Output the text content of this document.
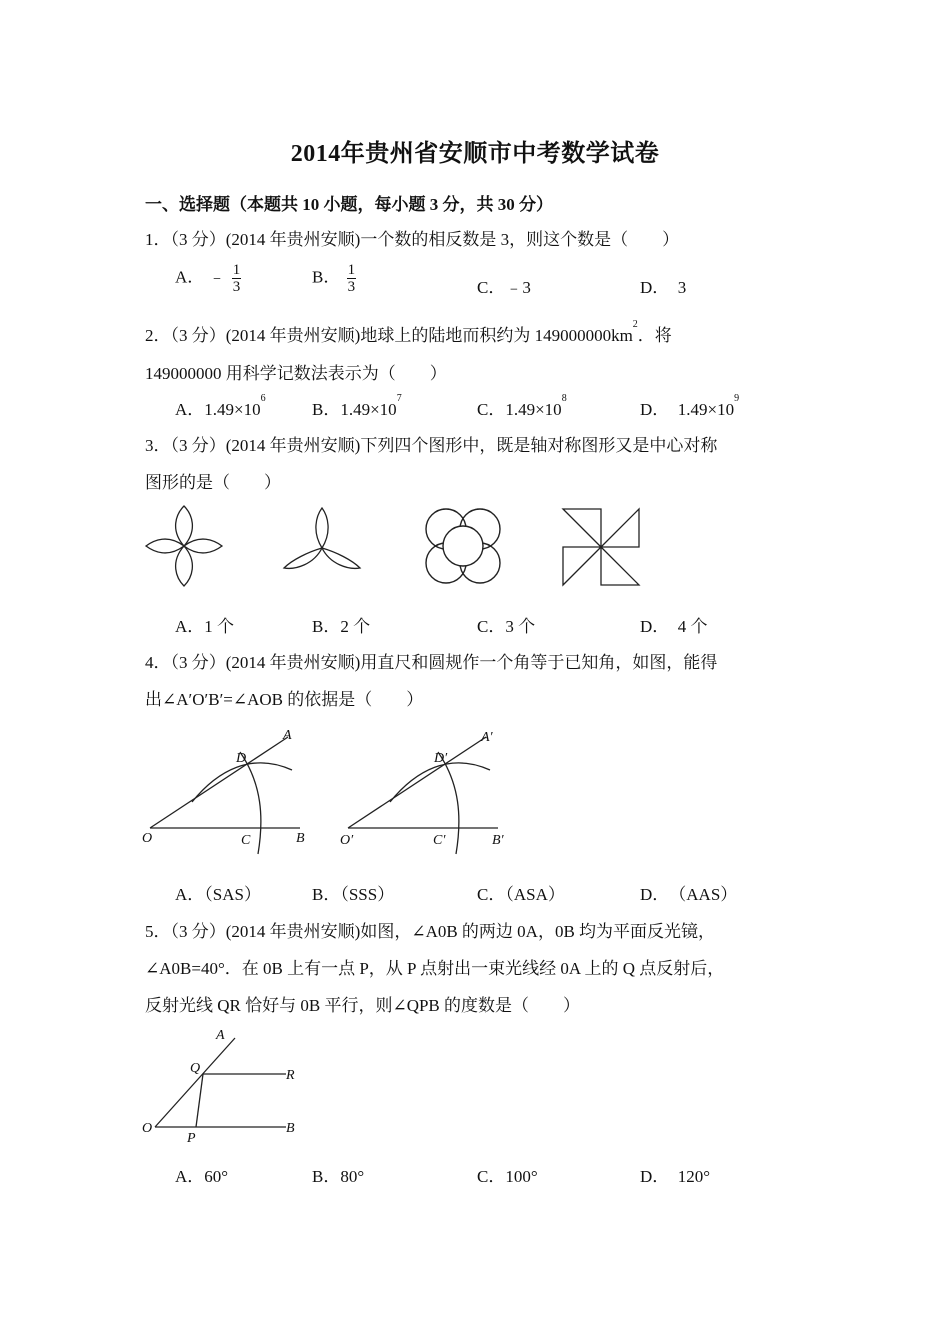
2014年贵州省安顺市中考数学试卷
一、选择题（本题共 10 小题，每小题 3 分，共 30 分）
1．（3 分）(2014 年贵州安顺)一个数的相反数是 3，则这个数是（　　）
A． ﹣ $\frac{1}{3}$	B． $\frac{1}{3}$	C．﹣3	D．　3
2．（3 分）(2014 年贵州安顺)地球上的陆地而积约为 $149000000km^2$．将
149000000 用科学记数法表示为（　　）
A．$1.49\times 10^6$
B．$1.49\times 10^7$
C．$1.49\times 10^8$
D．　$1.49\times 10^9$
3．（3 分）(2014 年贵州安顺)下列四个图形中，既是轴对称图形又是中心对称
图形的是（　　）
A．1 个	B．2 个	C．3 个	D．　4 个
4．（3 分）(2014 年贵州安顺)用直尺和圆规作一个角等于已知角，如图，能得
出∠A′O′B′=∠AOB 的依据是（　　）
A
D
O	C	B
A′
D′
O′	C′	B′
A．（SAS）	B．（SSS）	C．（ASA）	D．　（AAS）
5．（3 分）(2014 年贵州安顺)如图，∠A0B 的两边 0A，0B 均为平面反光镜，
∠A0B=40°．在 0B 上有一点 P，从 P 点射出一束光线经 0A 上的 Q 点反射后，
反射光线 QR 恰好与 0B 平行，则∠QPB 的度数是（　　）
A
Q	R
O
P
B
A．60°	B．80°	C．100°	D．　120°
